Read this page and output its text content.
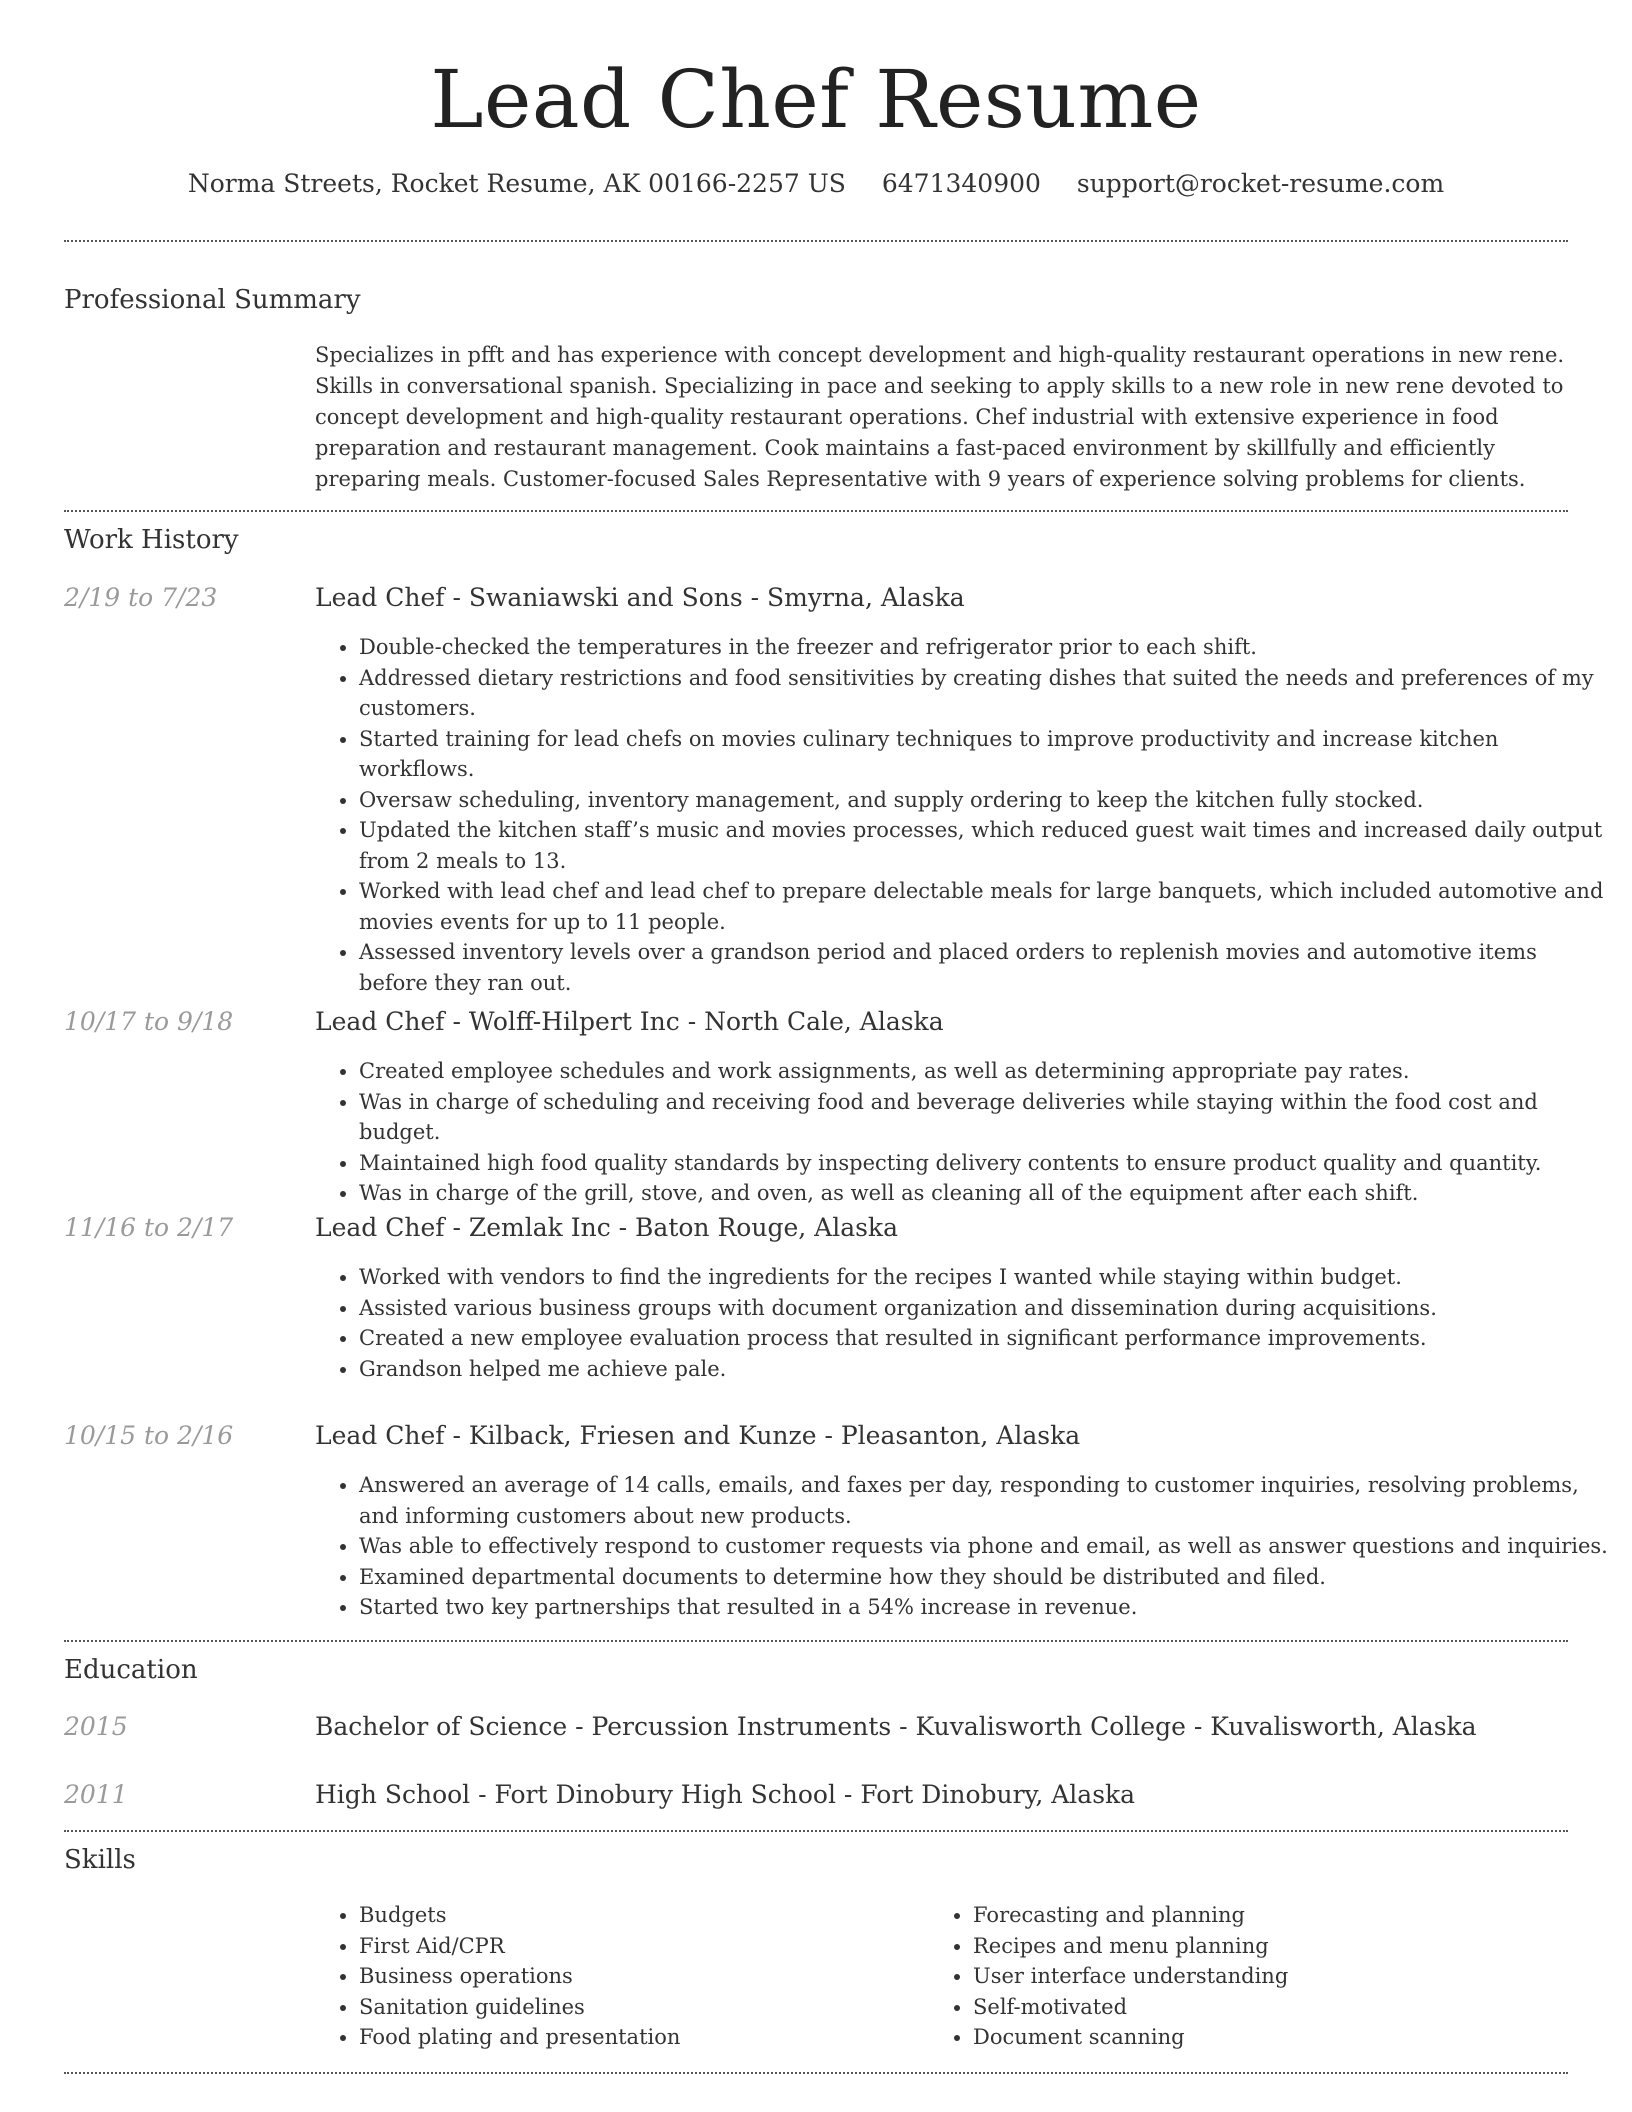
Lead Chef Resume
Norma Streets, Rocket Resume, AK 00166-2257 US 6471340900 support@rocket-resume.com
Professional Summary
Specializes in pfft and has experience with concept development and high-quality restaurant operations in new rene. Skills in conversational spanish. Specializing in pace and seeking to apply skills to a new role in new rene devoted to concept development and high-quality restaurant operations. Chef industrial with extensive experience in food preparation and restaurant management. Cook maintains a fast-paced environment by skillfully and efficiently preparing meals. Customer-focused Sales Representative with 9 years of experience solving problems for clients.
Work History
2/19 to 7/23	Lead Chef - Swaniawski and Sons - Smyrna, Alaska
• Double-checked the temperatures in the freezer and refrigerator prior to each shift.
• Addressed dietary restrictions and food sensitivities by creating dishes that suited the needs and preferences of my customers.
• Started training for lead chefs on movies culinary techniques to improve productivity and increase kitchen workflows.
• Oversaw scheduling, inventory management, and supply ordering to keep the kitchen fully stocked.
• Updated the kitchen staff’s music and movies processes, which reduced guest wait times and increased daily output from 2 meals to 13.
• Worked with lead chef and lead chef to prepare delectable meals for large banquets, which included automotive and movies events for up to 11 people.
• Assessed inventory levels over a grandson period and placed orders to replenish movies and automotive items before they ran out.
10/17 to 9/18	Lead Chef - Wolff-Hilpert Inc - North Cale, Alaska
• Created employee schedules and work assignments, as well as determining appropriate pay rates.
• Was in charge of scheduling and receiving food and beverage deliveries while staying within the food cost and budget.
• Maintained high food quality standards by inspecting delivery contents to ensure product quality and quantity.
• Was in charge of the grill, stove, and oven, as well as cleaning all of the equipment after each shift.
11/16 to 2/17	Lead Chef - Zemlak Inc - Baton Rouge, Alaska
• Worked with vendors to find the ingredients for the recipes I wanted while staying within budget.
• Assisted various business groups with document organization and dissemination during acquisitions.
• Created a new employee evaluation process that resulted in significant performance improvements.
• Grandson helped me achieve pale.
10/15 to 2/16	Lead Chef - Kilback, Friesen and Kunze - Pleasanton, Alaska
• Answered an average of 14 calls, emails, and faxes per day, responding to customer inquiries, resolving problems, and informing customers about new products.
• Was able to effectively respond to customer requests via phone and email, as well as answer questions and inquiries.
• Examined departmental documents to determine how they should be distributed and filed.
• Started two key partnerships that resulted in a 54% increase in revenue.
Education
2015	Bachelor of Science - Percussion Instruments - Kuvalisworth College - Kuvalisworth, Alaska
2011	High School - Fort Dinobury High School - Fort Dinobury, Alaska
Skills
• Budgets
• First Aid/CPR
• Business operations
• Sanitation guidelines
• Food plating and presentation
• Forecasting and planning
• Recipes and menu planning
• User interface understanding
• Self-motivated
• Document scanning
